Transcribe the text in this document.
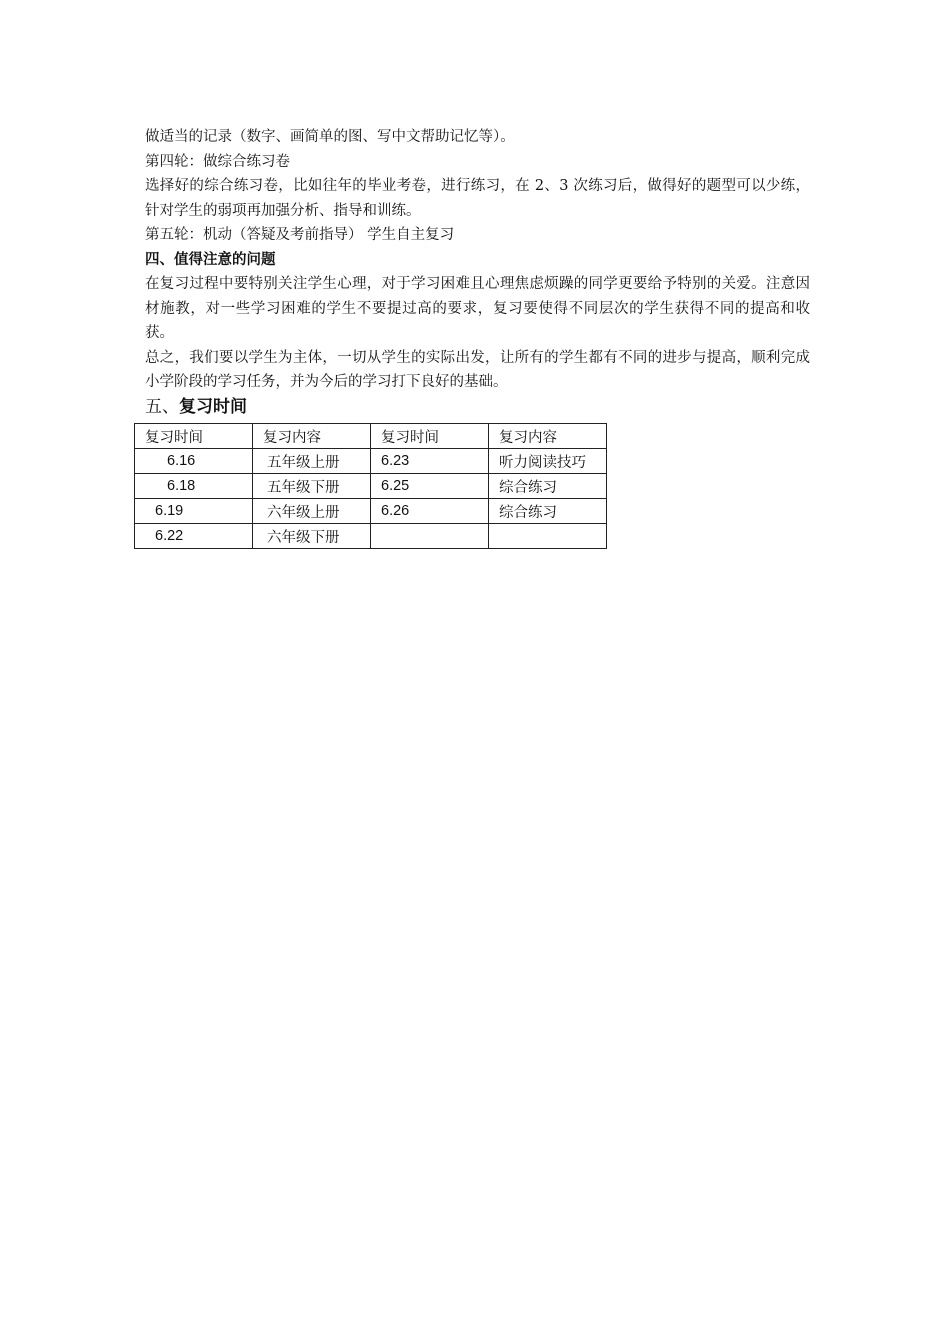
做适当的记录（数字、画简单的图、写中文帮助记忆等）。

第四轮：做综合练习卷

选择好的综合练习卷，比如往年的毕业考卷，进行练习，在 2、3 次练习后，做得好的题型可以少练，针对学生的弱项再加强分析、指导和训练。

第五轮：机动（答疑及考前指导） 学生自主复习

四、值得注意的问题

在复习过程中要特别关注学生心理，对于学习困难且心理焦虑烦躁的同学更要给予特别的关爱。注意因材施教，对一些学习困难的学生不要提过高的要求，复习要使得不同层次的学生获得不同的提高和收获。

总之，我们要以学生为主体，一切从学生的实际出发，让所有的学生都有不同的进步与提高，顺利完成小学阶段的学习任务，并为今后的学习打下良好的基础。

五、复习时间

复习时间	复习内容	复习时间	复习内容
6.16	五年级上册	6.23	听力阅读技巧
6.18	五年级下册	6.25	综合练习
6.19	六年级上册	6.26	综合练习
6.22	六年级下册		
